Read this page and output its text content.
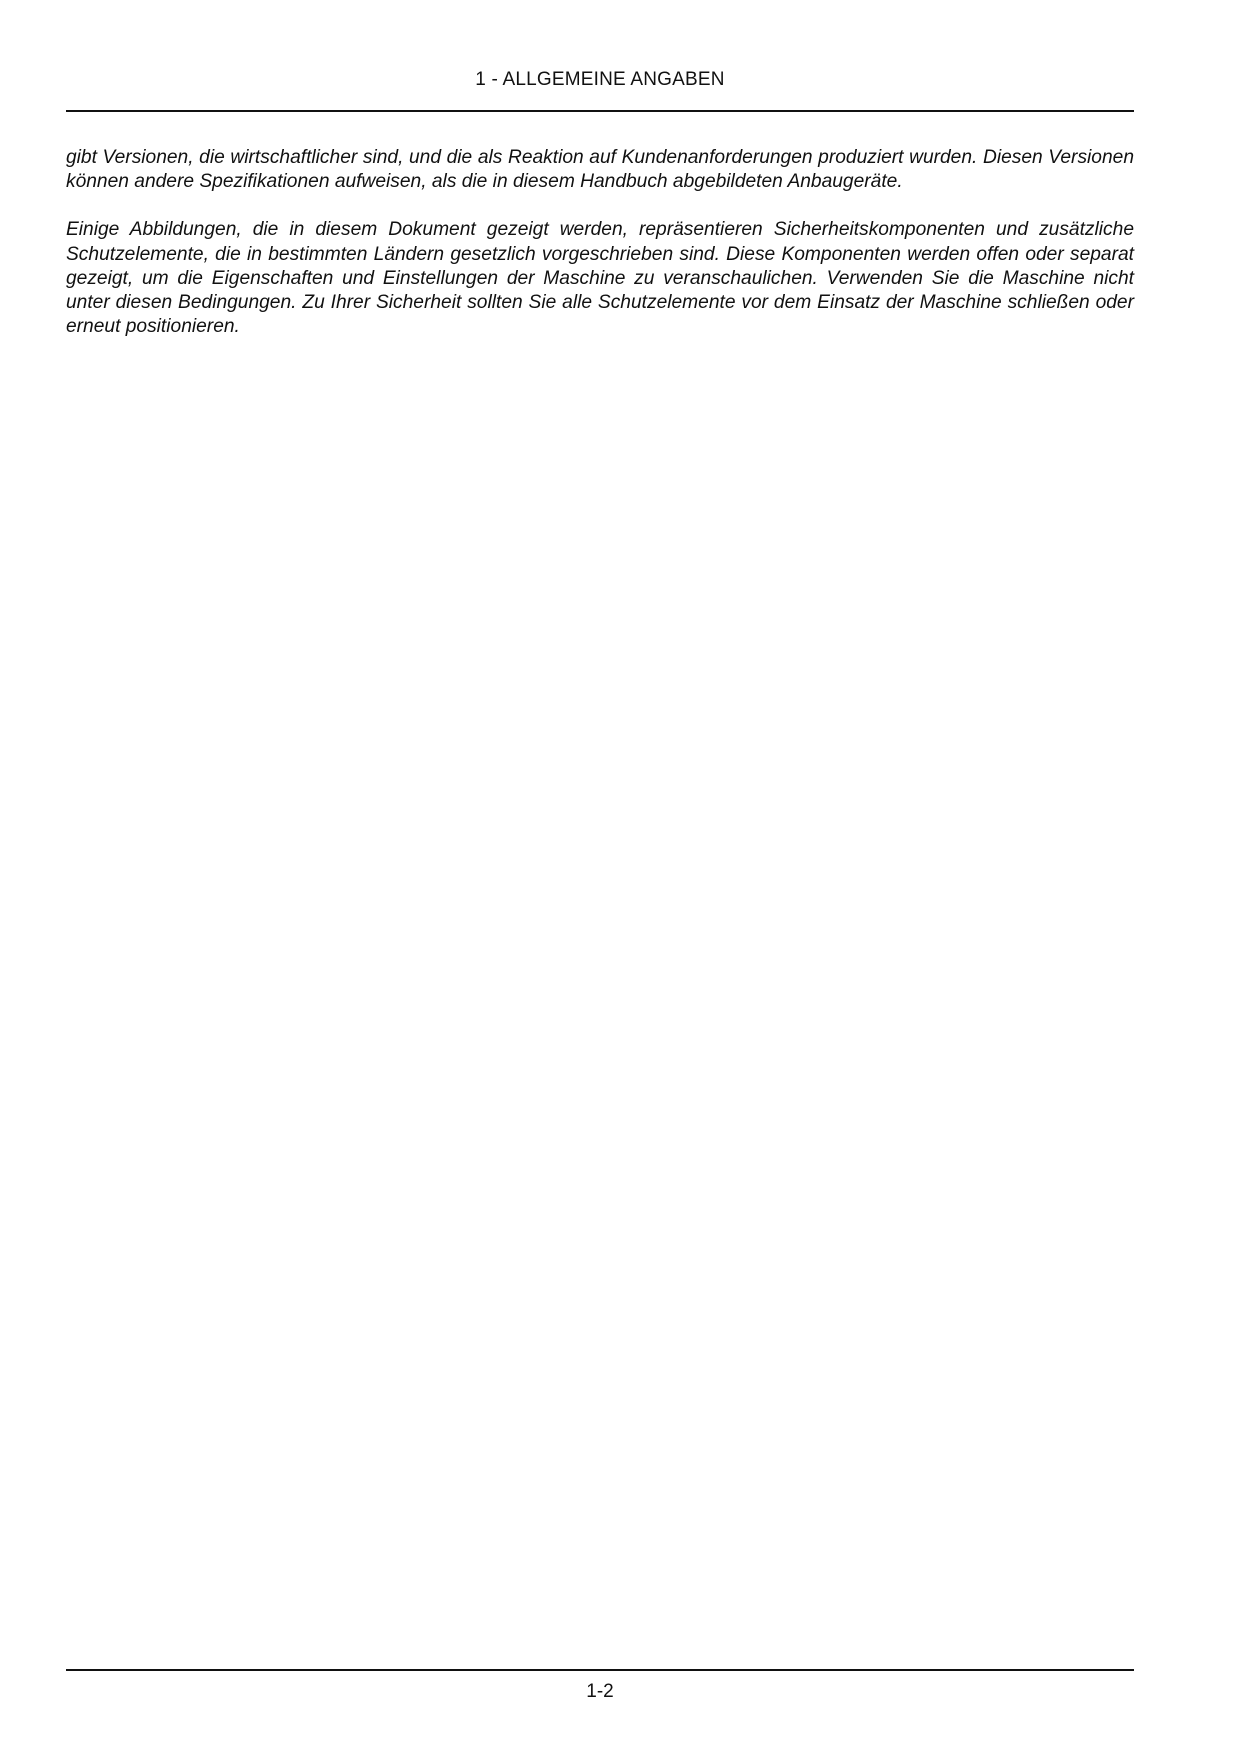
1 - ALLGEMEINE ANGABEN

gibt Versionen, die wirtschaftlicher sind, und die als Reaktion auf Kundenanforderungen produziert wurden. Diesen Versionen können andere Spezifikationen aufweisen, als die in diesem Handbuch abgebildeten Anbaugeräte.

Einige Abbildungen, die in diesem Dokument gezeigt werden, repräsentieren Sicherheitskomponenten und zusätzliche Schutzelemente, die in bestimmten Ländern gesetzlich vorgeschrieben sind. Diese Komponenten werden offen oder separat gezeigt, um die Eigenschaften und Einstellungen der Maschine zu veranschaulichen. Verwenden Sie die Maschine nicht unter diesen Bedingungen. Zu Ihrer Sicherheit sollten Sie alle Schutzelemente vor dem Einsatz der Maschine schließen oder erneut positionieren.

1-2
